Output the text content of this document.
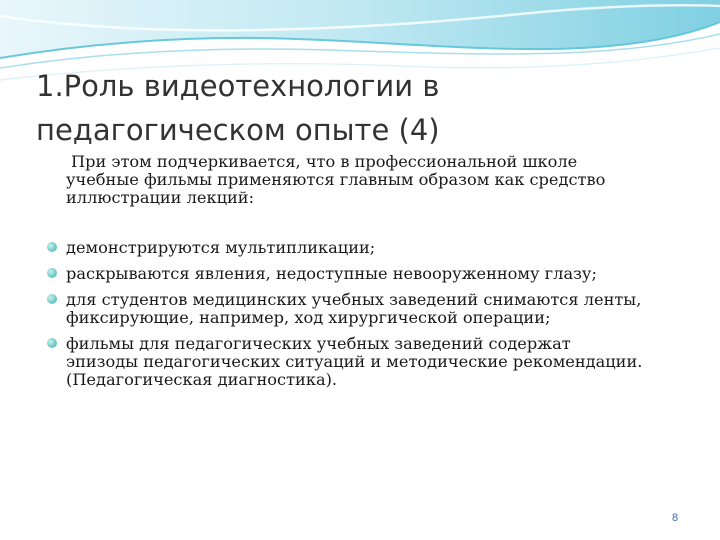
1.Роль видеотехнологии в
педагогическом опыте (4)

При этом подчеркивается, что в профессиональной школе
учебные фильмы применяются главным образом как средство
иллюстрации лекций:

демонстрируются мультипликации;
раскрываются явления, недоступные невооруженному глазу;
для студентов медицинских учебных заведений снимаются ленты,
фиксирующие, например, ход хирургической операции;
фильмы для педагогических учебных заведений содержат
эпизоды педагогических ситуаций и методические рекомендации.
(Педагогическая диагностика).
8
